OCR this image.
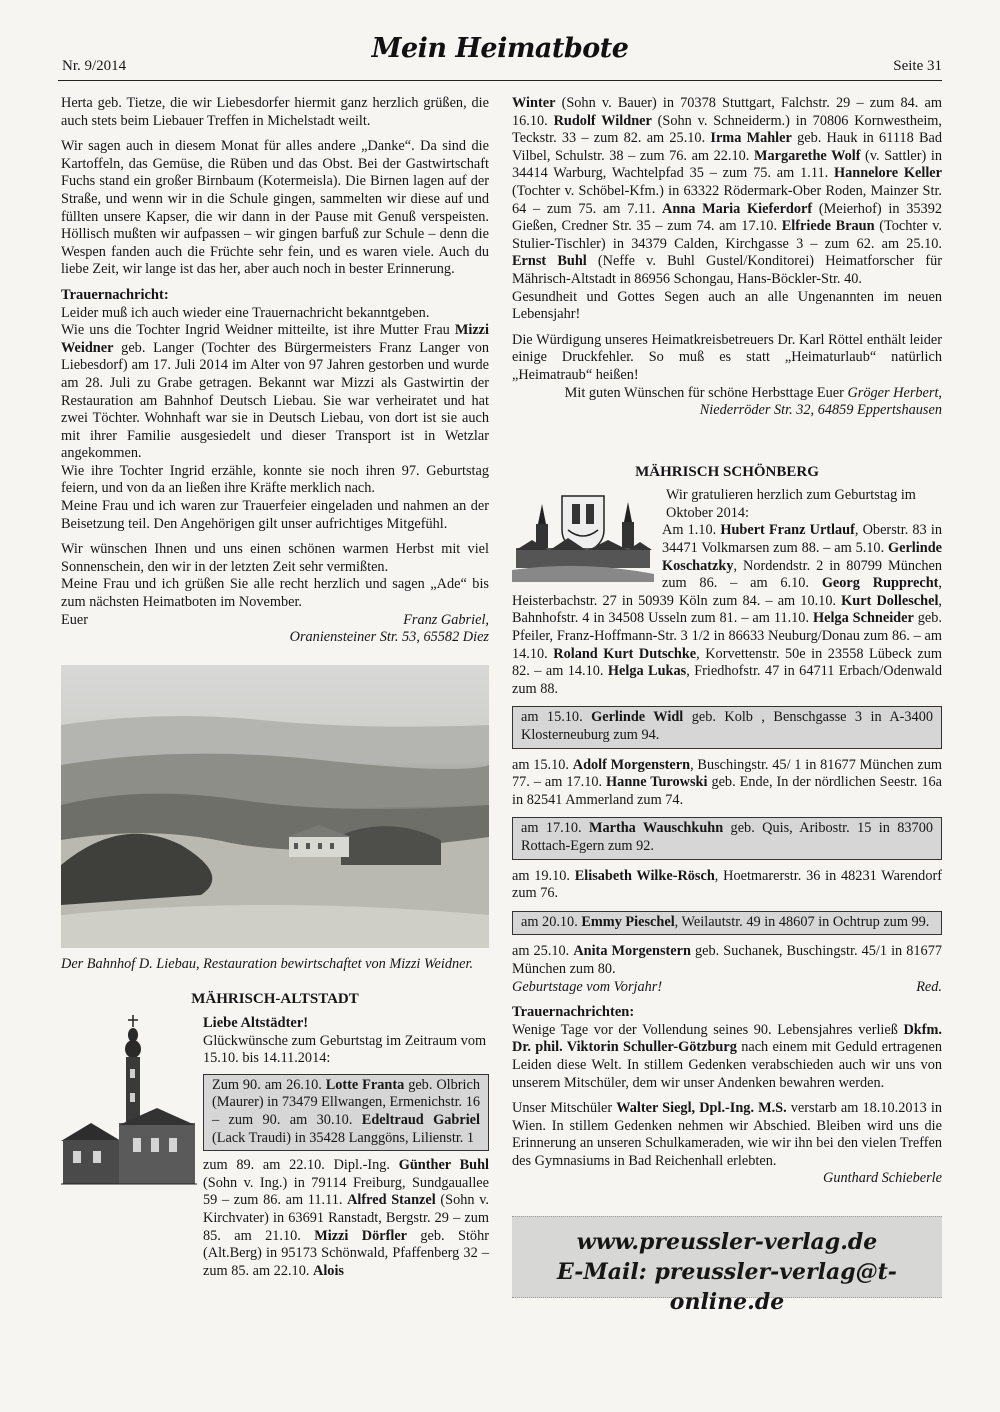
Nr. 9/2014
Mein Heimatbote
Seite 31

Herta geb. Tietze, die wir Liebesdorfer hiermit ganz herzlich grüßen, die auch stets beim Liebauer Treffen in Michelstadt weilt.

Wir sagen auch in diesem Monat für alles andere „Danke“. Da sind die Kartoffeln, das Gemüse, die Rüben und das Obst. Bei der Gastwirtschaft Fuchs stand ein großer Birnbaum (Kotermeisla). Die Birnen lagen auf der Straße, und wenn wir in die Schule gingen, sammelten wir diese auf und füllten unsere Kapser, die wir dann in der Pause mit Genuß verspeisten. Höllisch mußten wir aufpassen – wir gingen barfuß zur Schule – denn die Wespen fanden auch die Früchte sehr fein, und es waren viele. Auch du liebe Zeit, wir lange ist das her, aber auch noch in bester Erinnerung.

Trauernachricht:

Leider muß ich auch wieder eine Trauernachricht bekanntgeben.

Wie uns die Tochter Ingrid Weidner mitteilte, ist ihre Mutter Frau Mizzi Weidner geb. Langer (Tochter des Bürgermeisters Franz Langer von Liebesdorf) am 17. Juli 2014 im Alter von 97 Jahren gestorben und wurde am 28. Juli zu Grabe getragen. Bekannt war Mizzi als Gastwirtin der Restauration am Bahnhof Deutsch Liebau. Sie war verheiratet und hat zwei Töchter. Wohnhaft war sie in Deutsch Liebau, von dort ist sie auch mit ihrer Familie ausgesiedelt und dieser Transport ist in Wetzlar angekommen.

Wie ihre Tochter Ingrid erzähle, konnte sie noch ihren 97. Geburtstag feiern, und von da an ließen ihre Kräfte merklich nach.

Meine Frau und ich waren zur Trauerfeier eingeladen und nahmen an der Beisetzung teil. Den Angehörigen gilt unser aufrichtiges Mitgefühl.

Wir wünschen Ihnen und uns einen schönen warmen Herbst mit viel Sonnenschein, den wir in der letzten Zeit sehr vermißten.

Meine Frau und ich grüßen Sie alle recht herzlich und sagen „Ade“ bis zum nächsten Heimatboten im November.

Euer	Franz Gabriel,

Oraniensteiner Str. 53, 65582 Diez

Der Bahnhof D. Liebau, Restauration bewirtschaftet von Mizzi Weidner.

MÄHRISCH-ALTSTADT

Liebe Altstädter!

Glückwünsche zum Geburtstag im Zeitraum vom 15.10. bis 14.11.2014:

Zum 90. am 26.10. Lotte Franta geb. Olbrich (Maurer) in 73479 Ellwangen, Ermenichstr. 16 – zum 90. am 30.10. Edeltraud Gabriel (Lack Traudi) in 35428 Langgöns, Lilienstr. 1

zum 89. am 22.10. Dipl.-Ing. Günther Buhl (Sohn v. Ing.) in 79114 Freiburg, Sundgauallee 59 – zum 86. am 11.11. Alfred Stanzel (Sohn v. Kirchvater) in 63691 Ranstadt, Bergstr. 29 – zum 85. am 21.10. Mizzi Dörfler geb. Stöhr (Alt.Berg) in 95173 Schönwald, Pfaffenberg 32 – zum 85. am 22.10. Alois

Winter (Sohn v. Bauer) in 70378 Stuttgart, Falchstr. 29 – zum 84. am 16.10. Rudolf Wildner (Sohn v. Schneiderm.) in 70806 Kornwestheim, Teckstr. 33 – zum 82. am 25.10. Irma Mahler geb. Hauk in 61118 Bad Vilbel, Schulstr. 38 – zum 76. am 22.10. Margarethe Wolf (v. Sattler) in 34414 Warburg, Wachtelpfad 35 – zum 75. am 1.11. Hannelore Keller (Tochter v. Schöbel-Kfm.) in 63322 Rödermark-Ober Roden, Mainzer Str. 64 – zum 75. am 7.11. Anna Maria Kieferdorf (Meierhof) in 35392 Gießen, Credner Str. 35 – zum 74. am 17.10. Elfriede Braun (Tochter v. Stulier-Tischler) in 34379 Calden, Kirchgasse 3 – zum 62. am 25.10. Ernst Buhl (Neffe v. Buhl Gustel/Konditorei) Heimatforscher für Mährisch-Altstadt in 86956 Schongau, Hans-Böckler-Str. 40.

Gesundheit und Gottes Segen auch an alle Ungenannten im neuen Lebensjahr!

Die Würdigung unseres Heimatkreisbetreuers Dr. Karl Röttel enthält leider einige Druckfehler. So muß es statt „Heimaturlaub“ natürlich „Heimatraub“ heißen!

Mit guten Wünschen für schöne Herbsttage Euer Gröger Herbert,

Niederröder Str. 32, 64859 Eppertshausen

MÄHRISCH SCHÖNBERG

Wir gratulieren herzlich zum Geburtstag im Oktober 2014:

Am 1.10. Hubert Franz Urtlauf, Oberstr. 83 in 34471 Volkmarsen zum 88. – am 5.10. Gerlinde Koschatzky, Nordendstr. 2 in 80799 München zum 86. – am 6.10. Georg Rupprecht, Heisterbachstr. 27 in 50939 Köln zum 84. – am 10.10. Kurt Dolleschel, Bahnhofstr. 4 in 34508 Usseln zum 81. – am 11.10. Helga Schneider geb. Pfeiler, Franz-Hoffmann-Str. 3 1/2 in 86633 Neuburg/Donau zum 86. – am 14.10. Roland Kurt Dutschke, Korvettenstr. 50e in 23558 Lübeck zum 82. – am 14.10. Helga Lukas, Friedhofstr. 47 in 64711 Erbach/Odenwald zum 88.

am 15.10. Gerlinde Widl geb. Kolb , Benschgasse 3 in A-3400 Klosterneuburg zum 94.

am 15.10. Adolf Morgenstern, Buschingstr. 45/ 1 in 81677 München zum 77. – am 17.10. Hanne Turowski geb. Ende, In der nördlichen Seestr. 16a in 82541 Ammerland zum 74.

am 17.10. Martha Wauschkuhn geb. Quis, Aribostr. 15 in 83700 Rottach-Egern zum 92.

am 19.10. Elisabeth Wilke-Rösch, Hoetmarerstr. 36 in 48231 Warendorf zum 76.

am 20.10. Emmy Pieschel, Weilautstr. 49 in 48607 in Ochtrup zum 99.

am 25.10. Anita Morgenstern geb. Suchanek, Buschingstr. 45/1 in 81677 München zum 80.

Geburtstage vom Vorjahr!	Red.
Trauernachrichten:

Wenige Tage vor der Vollendung seines 90. Lebensjahres verließ Dkfm. Dr. phil. Viktorin Schuller-Götzburg nach einem mit Geduld ertragenen Leiden diese Welt. In stillem Gedenken verabschieden auch wir uns von unserem Mitschüler, dem wir unser Andenken bewahren werden.

Unser Mitschüler Walter Siegl, Dpl.-Ing. M.S. verstarb am 18.10.2013 in Wien. In stillem Gedenken nehmen wir Abschied. Bleiben wird uns die Erinnerung an unseren Schulkameraden, wie wir ihn bei den vielen Treffen des Gymnasiums in Bad Reichenhall erlebten.

Gunthard Schieberle

www.preussler-verlag.de
E-Mail: preussler-verlag@t-online.de
